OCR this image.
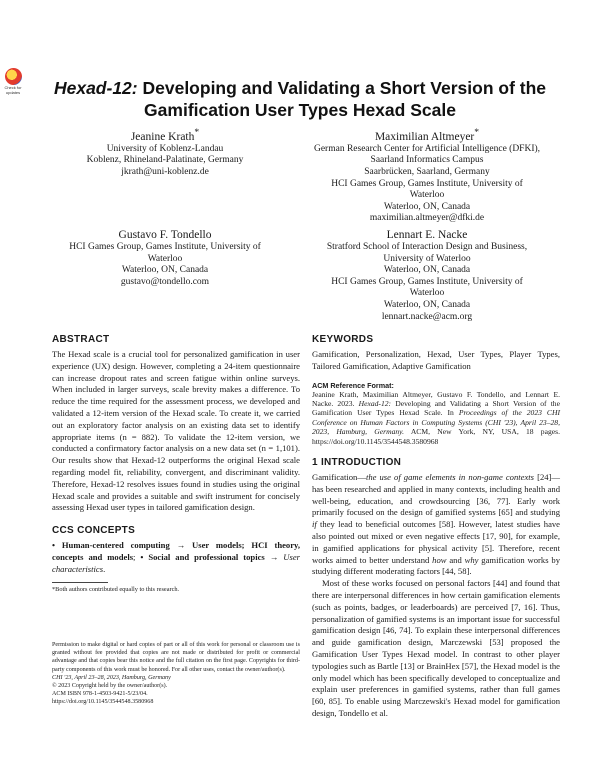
Check for
updates	Hexad-12: Developing and Validating a Short Version of the Gamification User Types Hexad Scale
Jeanine Krath*
University of Koblenz-Landau
Koblenz, Rhineland-Palatinate, Germany
jkrath@uni-koblenz.de
Maximilian Altmeyer*
German Research Center for Artificial Intelligence (DFKI),
Saarland Informatics Campus
Saarbrücken, Saarland, Germany
HCI Games Group, Games Institute, University of
Waterloo
Waterloo, ON, Canada
maximilian.altmeyer@dfki.de
Gustavo F. Tondello
HCI Games Group, Games Institute, University of
Waterloo
Waterloo, ON, Canada
gustavo@tondello.com
Lennart E. Nacke
Stratford School of Interaction Design and Business,
University of Waterloo
Waterloo, ON, Canada
HCI Games Group, Games Institute, University of
Waterloo
Waterloo, ON, Canada
lennart.nacke@acm.org
ABSTRACT

The Hexad scale is a crucial tool for personalized gamification in user experience (UX) design. However, completing a 24-item questionnaire can increase dropout rates and screen fatigue within online surveys. When included in larger surveys, scale brevity makes a difference. To reduce the time required for the assessment process, we developed and validated a 12-item version of the Hexad scale. To create it, we carried out an exploratory factor analysis on an existing data set to identify appropriate items (n = 882). To validate the 12-item version, we conducted a confirmatory factor analysis on a new data set (n = 1,101). Our results show that Hexad-12 outperforms the original Hexad scale regarding model fit, reliability, convergent, and discriminant validity. Therefore, Hexad-12 resolves issues found in studies using the original Hexad scale and provides a suitable and swift instrument for concisely assessing Hexad user types in tailored gamification design.

CCS CONCEPTS

• Human-centered computing → User models; HCI theory, concepts and models; • Social and professional topics → User characteristics.

*Both authors contributed equally to this research.
Permission to make digital or hard copies of part or all of this work for personal or classroom use is granted without fee provided that copies are not made or distributed for profit or commercial advantage and that copies bear this notice and the full citation on the first page. Copyrights for third-party components of this work must be honored. For all other uses, contact the owner/author(s).
CHI '23, April 23–28, 2023, Hamburg, Germany
© 2023 Copyright held by the owner/author(s).
ACM ISBN 978-1-4503-9421-5/23/04.
https://doi.org/10.1145/3544548.3580968
KEYWORDS

Gamification, Personalization, Hexad, User Types, Player Types, Tailored Gamification, Adaptive Gamification

ACM Reference Format:

Jeanine Krath, Maximilian Altmeyer, Gustavo F. Tondello, and Lennart E. Nacke. 2023. Hexad-12: Developing and Validating a Short Version of the Gamification User Types Hexad Scale. In Proceedings of the 2023 CHI Conference on Human Factors in Computing Systems (CHI '23), April 23–28, 2023, Hamburg, Germany. ACM, New York, NY, USA, 18 pages. https://doi.org/10.1145/3544548.3580968

1 INTRODUCTION

Gamification—the use of game elements in non-game contexts [24]—has been researched and applied in many contexts, including health and well-being, education, and crowdsourcing [36, 77]. Early work primarily focused on the design of gamified systems [65] and studying if they lead to beneficial outcomes [58]. However, latest studies have also pointed out mixed or even negative effects [17, 90], for example, in gamified applications for physical activity [5]. Therefore, recent works aimed to better understand how and why gamification works by studying different moderating factors [44, 58].

Most of these works focused on personal factors [44] and found that there are interpersonal differences in how certain gamification elements (such as points, badges, or leaderboards) are perceived [7, 16]. Thus, personalization of gamified systems is an important issue for successful gamification design [46, 74]. To explain these interpersonal differences and guide gamification design, Marczewski [53] proposed the Gamification User Types Hexad model. In contrast to other player typologies such as Bartle [13] or BrainHex [57], the Hexad model is the only model which has been specifically developed to conceptualize and explain user preferences in gamified systems, rather than full games [60, 85]. To enable using Marczewski's Hexad model for gamification design, Tondello et al.
